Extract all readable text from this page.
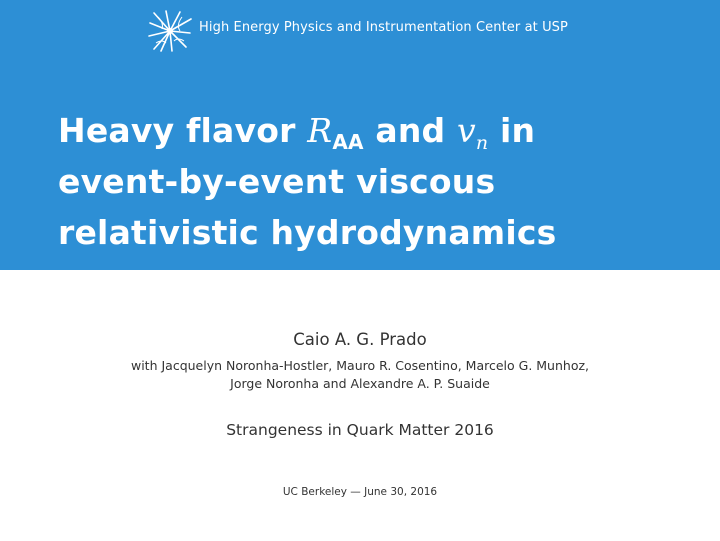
High Energy Physics and Instrumentation Center at USP
Heavy flavor $R_{AA}$ and $v_n$ in
event-by-event viscous
relativistic hydrodynamics
Caio A. G. Prado
with Jacquelyn Noronha-Hostler, Mauro R. Cosentino, Marcelo G. Munhoz,
Jorge Noronha and Alexandre A. P. Suaide
Strangeness in Quark Matter 2016
UC Berkeley — June 30, 2016
